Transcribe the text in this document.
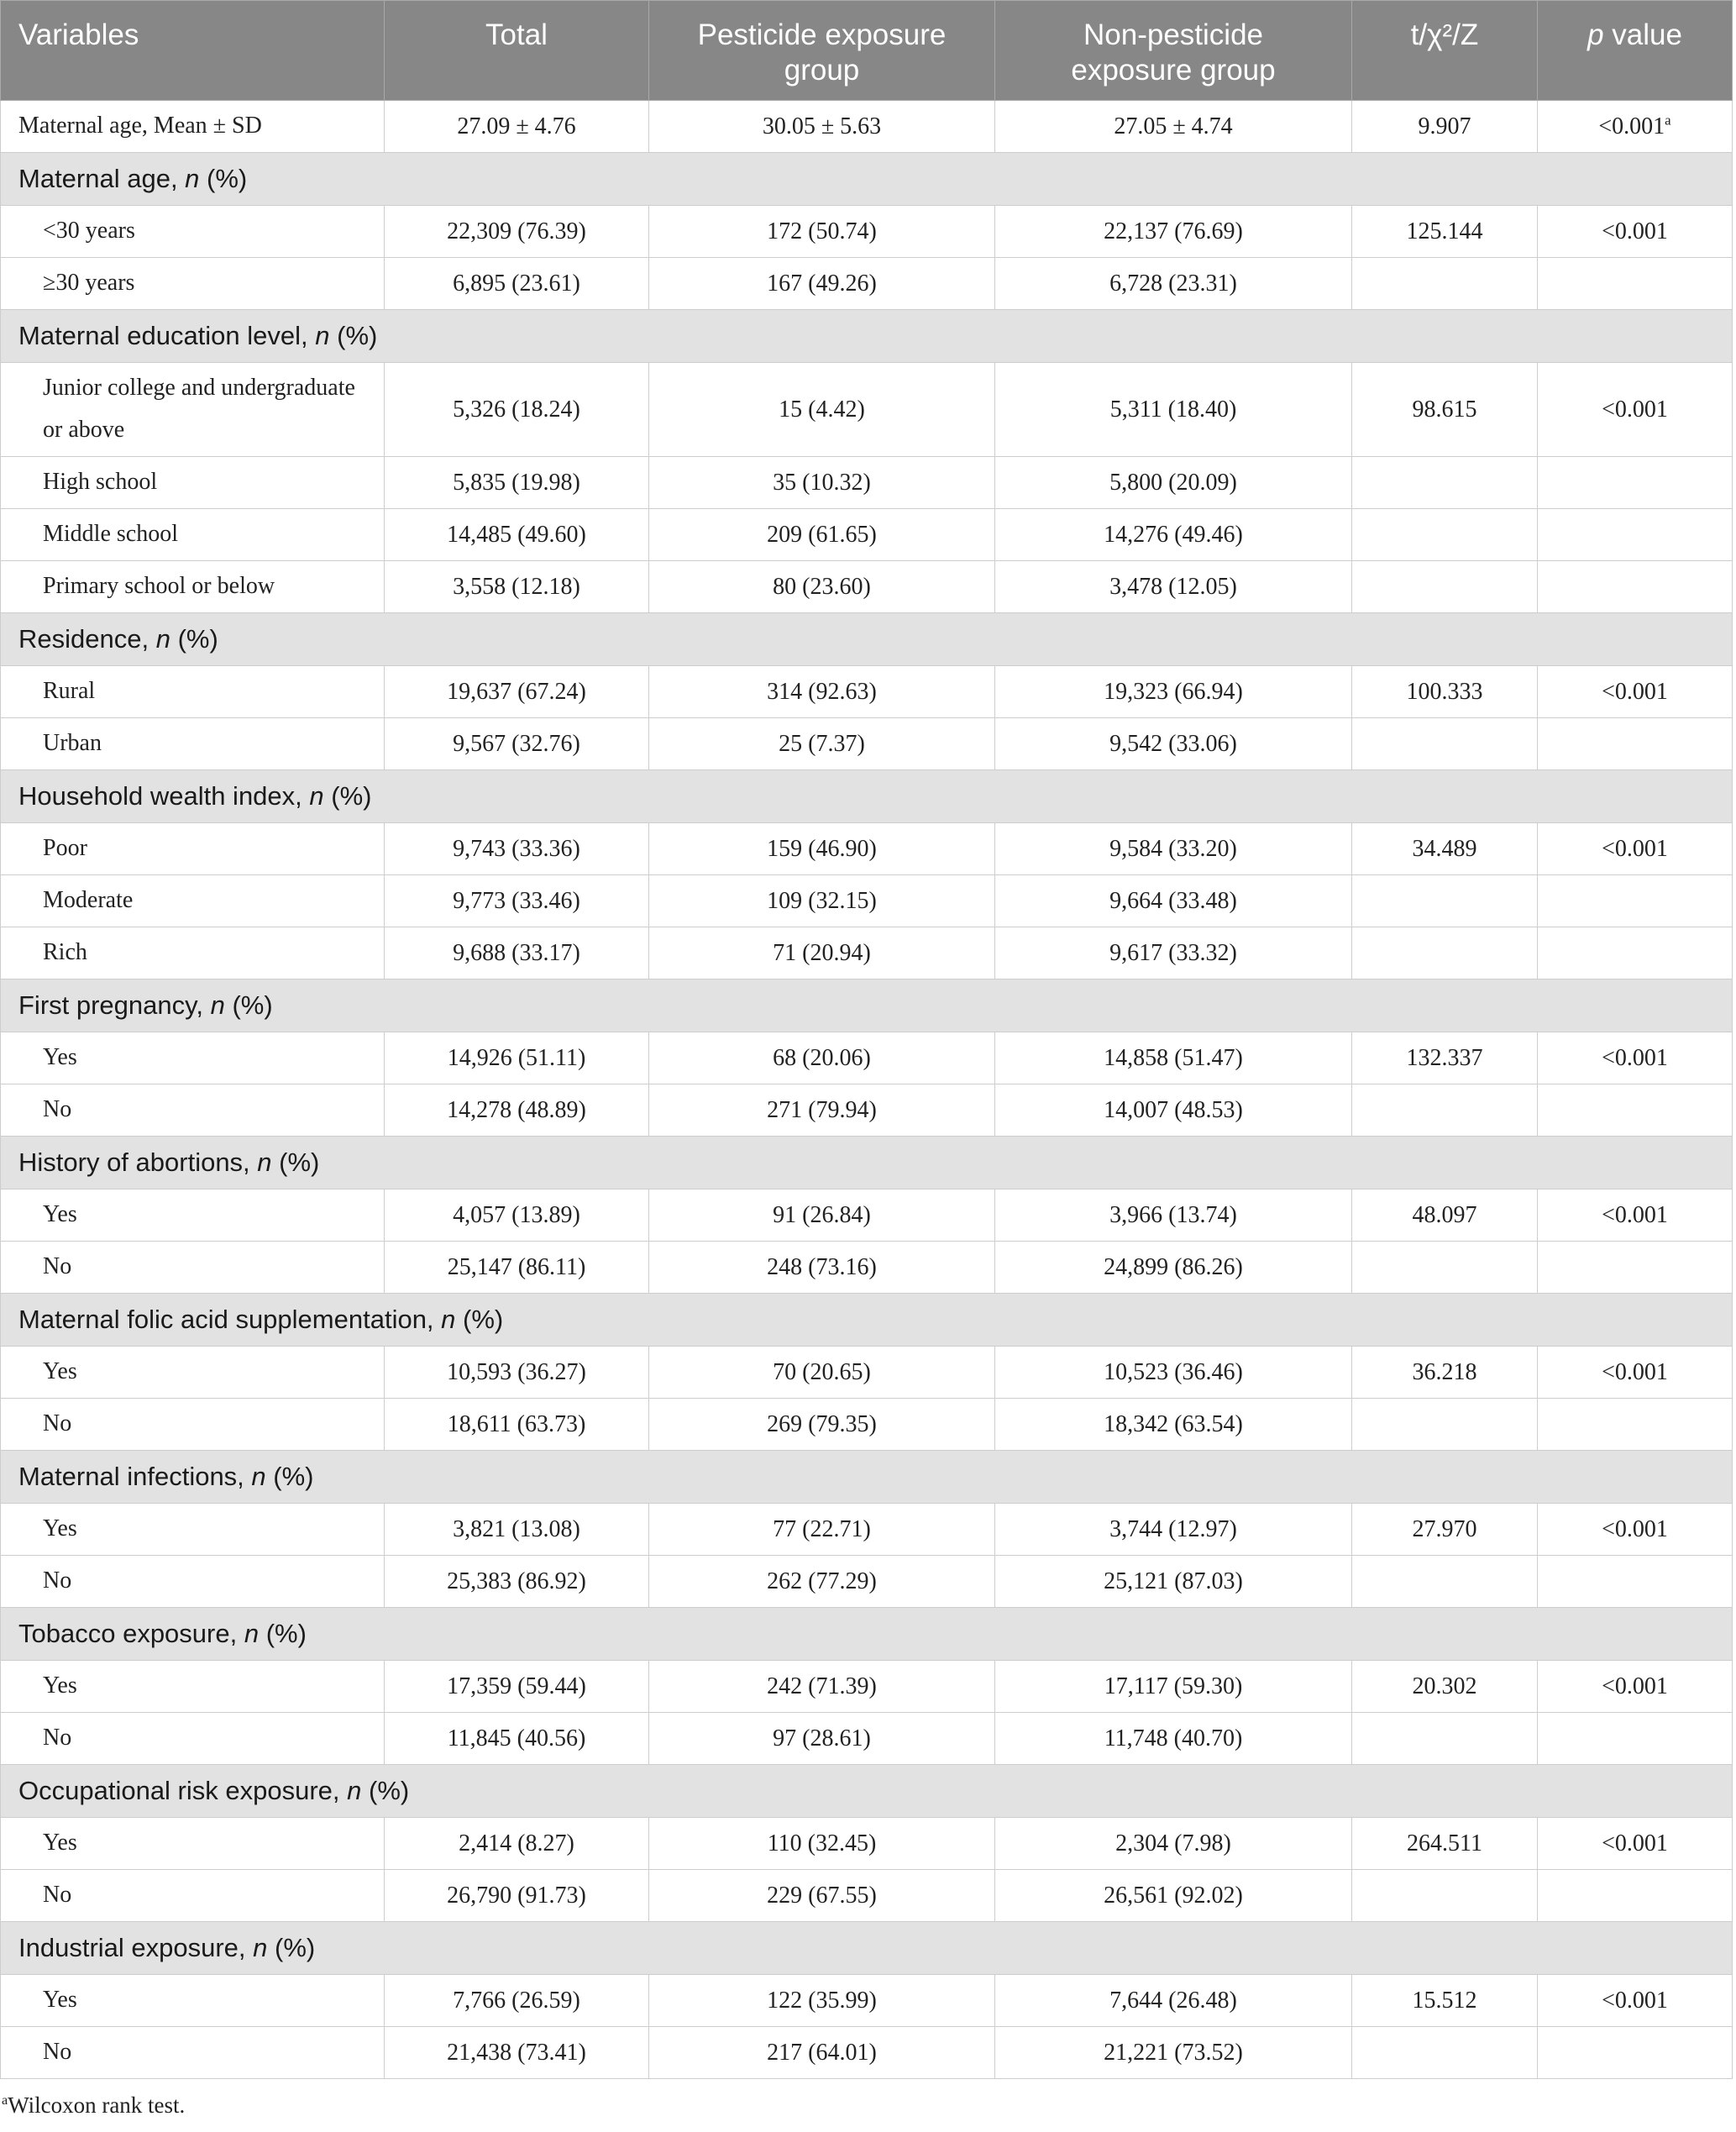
Variables	Total	Pesticide exposure group	Non-pesticide exposure group	t/χ²/Z	p value
Maternal age, Mean ± SD	27.09 ± 4.76	30.05 ± 5.63	27.05 ± 4.74	9.907	<0.001$^a$
Maternal age, n (%)					
<30 years	22,309 (76.39)	172 (50.74)	22,137 (76.69)	125.144	<0.001
≥30 years	6,895 (23.61)	167 (49.26)	6,728 (23.31)		
Maternal education level, n (%)					
Junior college and undergraduate or above	5,326 (18.24)	15 (4.42)	5,311 (18.40)	98.615	<0.001
High school	5,835 (19.98)	35 (10.32)	5,800 (20.09)		
Middle school	14,485 (49.60)	209 (61.65)	14,276 (49.46)		
Primary school or below	3,558 (12.18)	80 (23.60)	3,478 (12.05)		
Residence, n (%)					
Rural	19,637 (67.24)	314 (92.63)	19,323 (66.94)	100.333	<0.001
Urban	9,567 (32.76)	25 (7.37)	9,542 (33.06)		
Household wealth index, n (%)					
Poor	9,743 (33.36)	159 (46.90)	9,584 (33.20)	34.489	<0.001
Moderate	9,773 (33.46)	109 (32.15)	9,664 (33.48)		
Rich	9,688 (33.17)	71 (20.94)	9,617 (33.32)		
First pregnancy, n (%)					
Yes	14,926 (51.11)	68 (20.06)	14,858 (51.47)	132.337	<0.001
No	14,278 (48.89)	271 (79.94)	14,007 (48.53)		
History of abortions, n (%)					
Yes	4,057 (13.89)	91 (26.84)	3,966 (13.74)	48.097	<0.001
No	25,147 (86.11)	248 (73.16)	24,899 (86.26)		
Maternal folic acid supplementation, n (%)					
Yes	10,593 (36.27)	70 (20.65)	10,523 (36.46)	36.218	<0.001
No	18,611 (63.73)	269 (79.35)	18,342 (63.54)		
Maternal infections, n (%)					
Yes	3,821 (13.08)	77 (22.71)	3,744 (12.97)	27.970	<0.001
No	25,383 (86.92)	262 (77.29)	25,121 (87.03)		
Tobacco exposure, n (%)					
Yes	17,359 (59.44)	242 (71.39)	17,117 (59.30)	20.302	<0.001
No	11,845 (40.56)	97 (28.61)	11,748 (40.70)		
Occupational risk exposure, n (%)					
Yes	2,414 (8.27)	110 (32.45)	2,304 (7.98)	264.511	<0.001
No	26,790 (91.73)	229 (67.55)	26,561 (92.02)		
Industrial exposure, n (%)					
Yes	7,766 (26.59)	122 (35.99)	7,644 (26.48)	15.512	<0.001
No	21,438 (73.41)	217 (64.01)	21,221 (73.52)		
$^a$Wilcoxon rank test.
